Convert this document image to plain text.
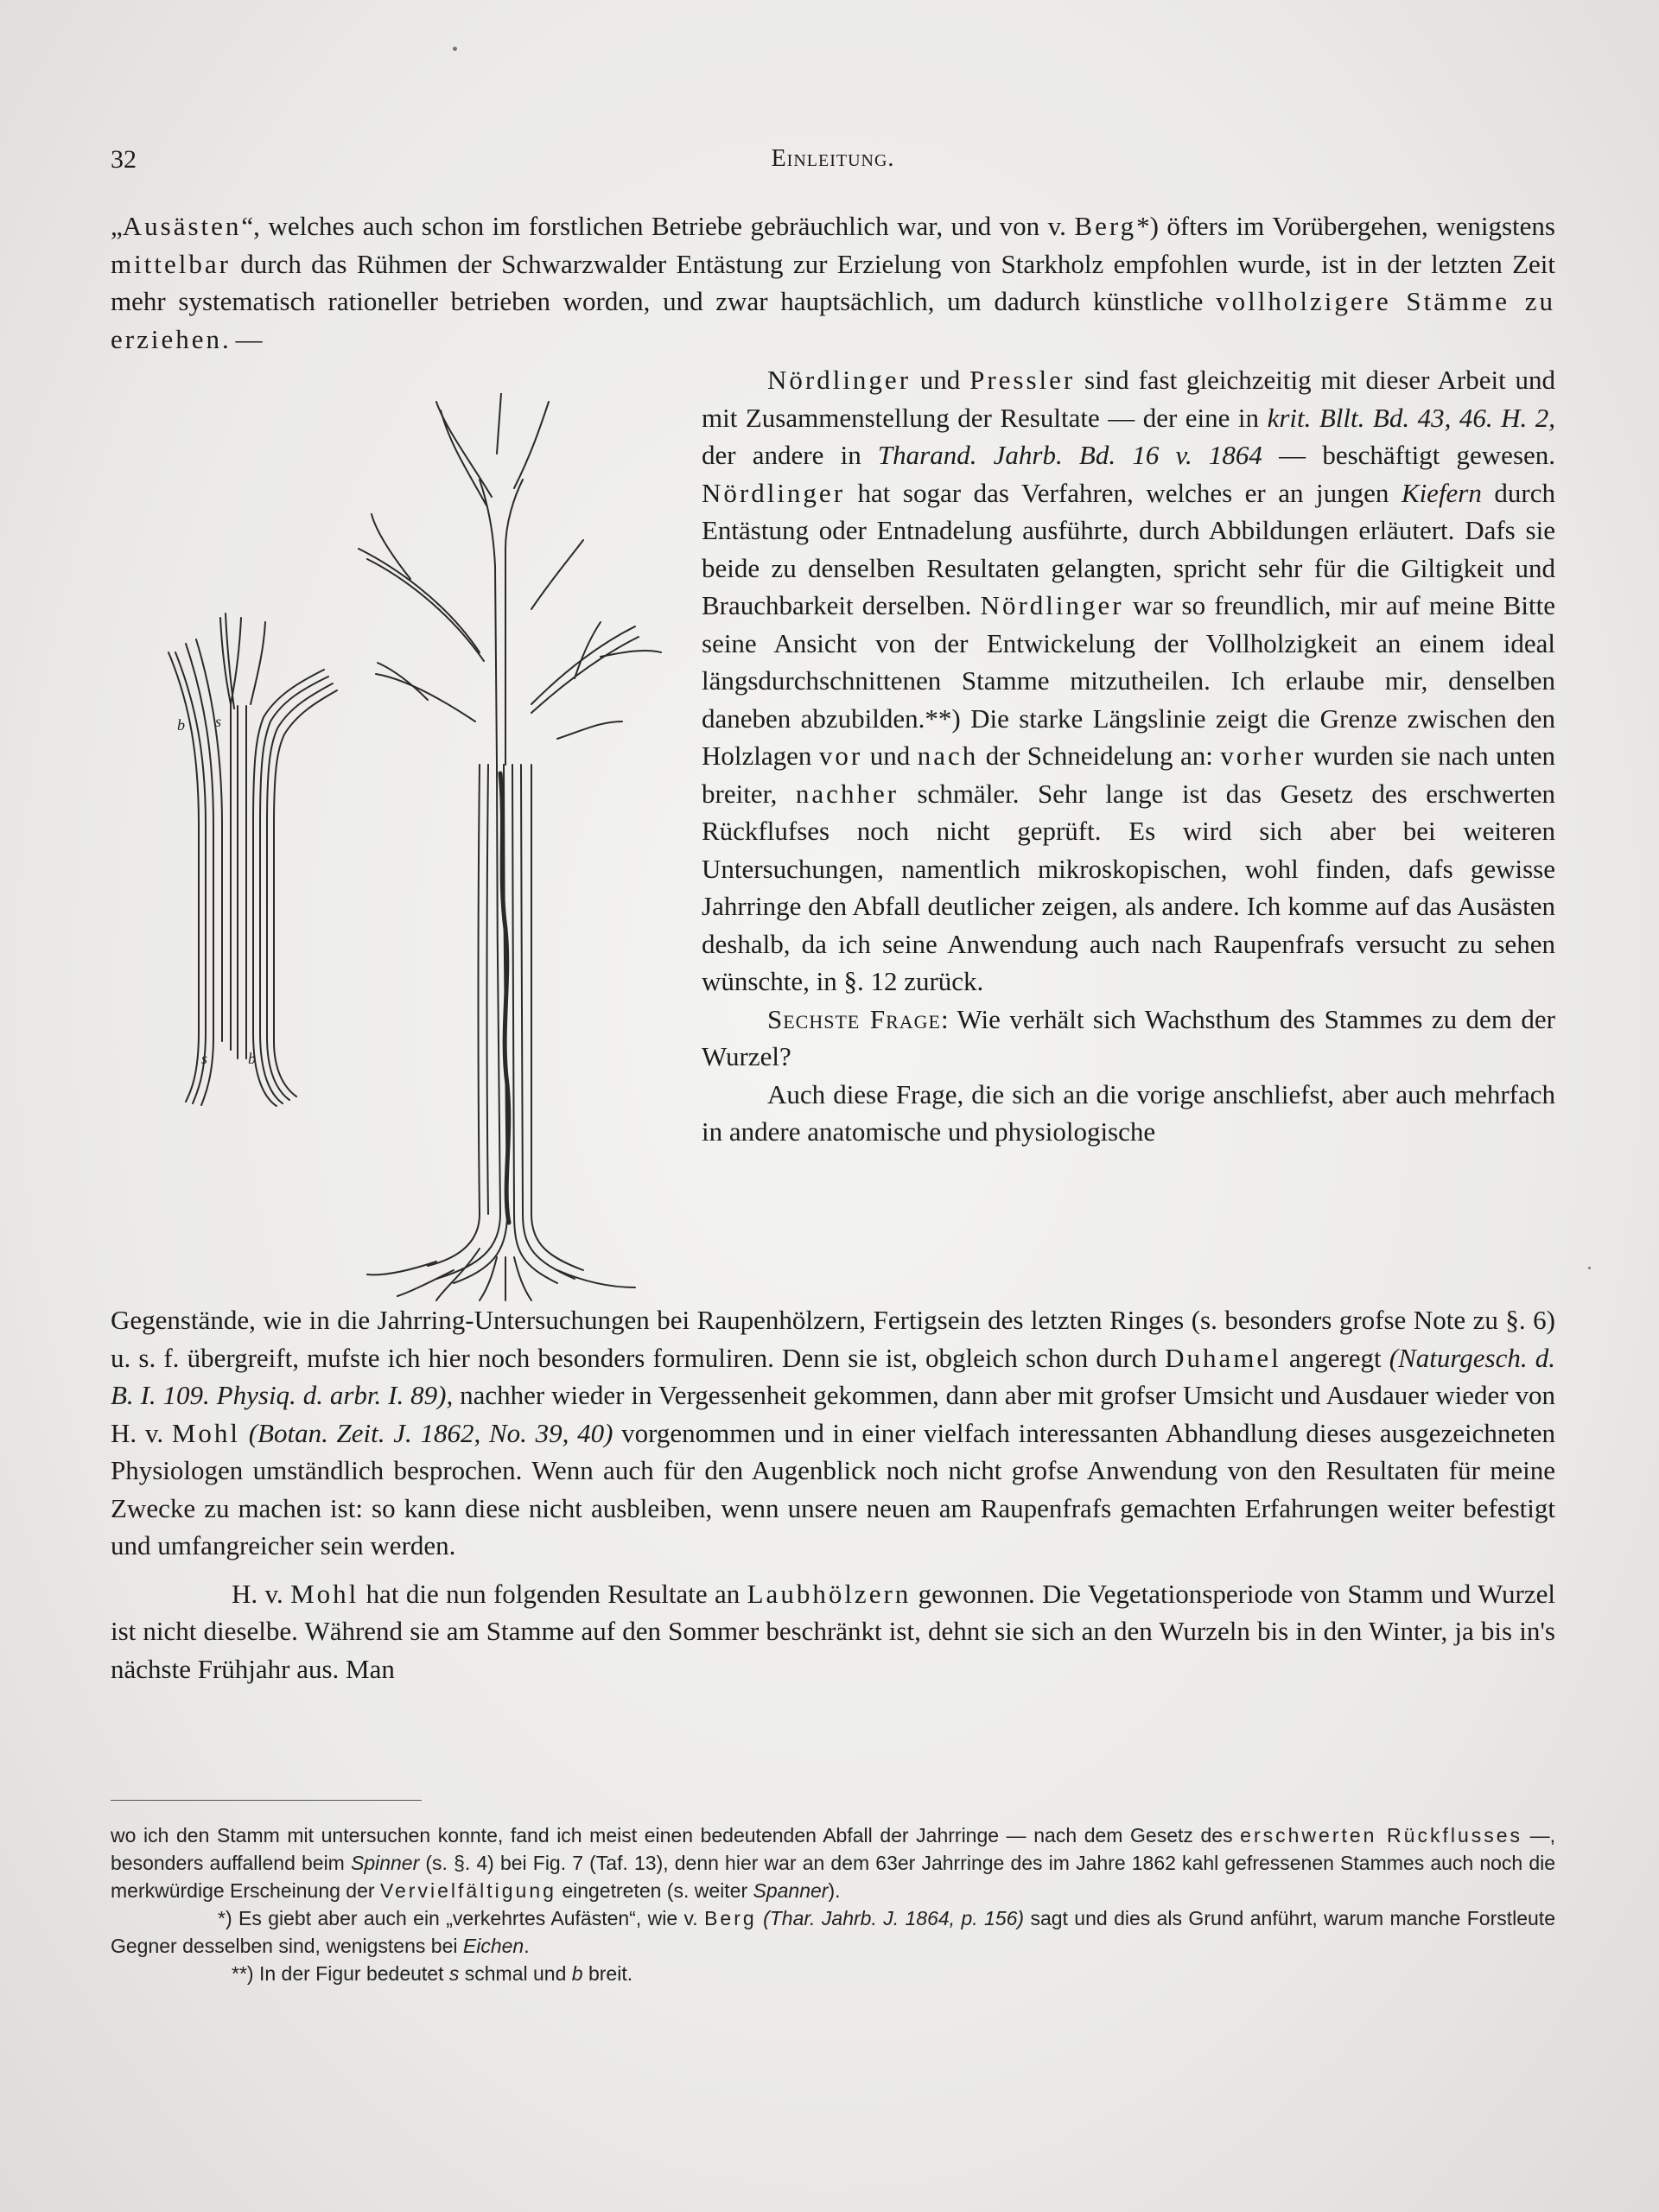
32	Einleitung.

„Ausästen“, welches auch schon im forstlichen Betriebe gebräuchlich war, und von v. Berg*) öfters im Vorübergehen, wenigstens mittelbar durch das Rühmen der Schwarzwalder Entästung zur Erzielung von Starkholz empfohlen wurde, ist in der letzten Zeit mehr systematisch rationeller betrieben worden, und zwar hauptsächlich, um dadurch künstliche vollholzigere Stämme zu erziehen. —

Nördlinger und Pressler sind fast gleichzeitig mit dieser Arbeit und mit Zusammenstellung der Resultate — der eine in krit. Bllt. Bd. 43, 46. H. 2, der andere in Tharand. Jahrb. Bd. 16 v. 1864 — beschäftigt gewesen. Nördlinger hat sogar das Verfahren, welches er an jungen Kiefern durch Entästung oder Entnadelung ausführte, durch Abbildungen erläutert. Dafs sie beide zu denselben Resultaten gelangten, spricht sehr für die Giltigkeit und Brauchbarkeit derselben. Nördlinger war so freundlich, mir auf meine Bitte seine Ansicht von der Entwickelung der Vollholzigkeit an einem ideal längsdurchschnittenen Stamme mitzutheilen. Ich erlaube mir, denselben daneben abzubilden.**) Die starke Längslinie zeigt die Grenze zwischen den Holzlagen vor und nach der Schneidelung an: vorher wurden sie nach unten breiter, nachher schmäler. Sehr lange ist das Gesetz des erschwerten Rückflufses noch nicht geprüft. Es wird sich aber bei weiteren Untersuchungen, namentlich mikroskopischen, wohl finden, dafs gewisse Jahrringe den Abfall deutlicher zeigen, als andere. Ich komme auf das Ausästen deshalb, da ich seine Anwendung auch nach Raupenfrafs versucht zu sehen wünschte, in §. 12 zurück.

Sechste Frage: Wie verhält sich Wachsthum des Stammes zu dem der Wurzel?

Auch diese Frage, die sich an die vorige anschliefst, aber auch mehrfach in andere anatomische und physiologische

b s
s	b

Gegenstände, wie in die Jahrring-Untersuchungen bei Raupenhölzern, Fertigsein des letzten Ringes (s. besonders grofse Note zu §. 6) u. s. f. übergreift, mufste ich hier noch besonders formuliren. Denn sie ist, obgleich schon durch Duhamel angeregt (Naturgesch. d. B. I. 109. Physiq. d. arbr. I. 89), nachher wieder in Vergessenheit gekommen, dann aber mit grofser Umsicht und Ausdauer wieder von H. v. Mohl (Botan. Zeit. J. 1862, No. 39, 40) vorgenommen und in einer vielfach interessanten Abhandlung dieses ausgezeichneten Physiologen umständlich besprochen. Wenn auch für den Augenblick noch nicht grofse Anwendung von den Resultaten für meine Zwecke zu machen ist: so kann diese nicht ausbleiben, wenn unsere neuen am Raupenfrafs gemachten Erfahrungen weiter befestigt und umfangreicher sein werden.

H. v. Mohl hat die nun folgenden Resultate an Laubhölzern gewonnen. Die Vegetationsperiode von Stamm und Wurzel ist nicht dieselbe. Während sie am Stamme auf den Sommer beschränkt ist, dehnt sie sich an den Wurzeln bis in den Winter, ja bis in's nächste Frühjahr aus. Man

wo ich den Stamm mit untersuchen konnte, fand ich meist einen bedeutenden Abfall der Jahrringe — nach dem Gesetz des erschwerten Rückflusses —, besonders auffallend beim Spinner (s. §. 4) bei Fig. 7 (Taf. 13), denn hier war an dem 63er Jahrringe des im Jahre 1862 kahl gefressenen Stammes auch noch die merkwürdige Erscheinung der Vervielfältigung eingetreten (s. weiter Spanner).

*) Es giebt aber auch ein „verkehrtes Aufästen“, wie v. Berg (Thar. Jahrb. J. 1864, p. 156) sagt und dies als Grund anführt, warum manche Forstleute Gegner desselben sind, wenigstens bei Eichen.

**) In der Figur bedeutet s schmal und b breit.
